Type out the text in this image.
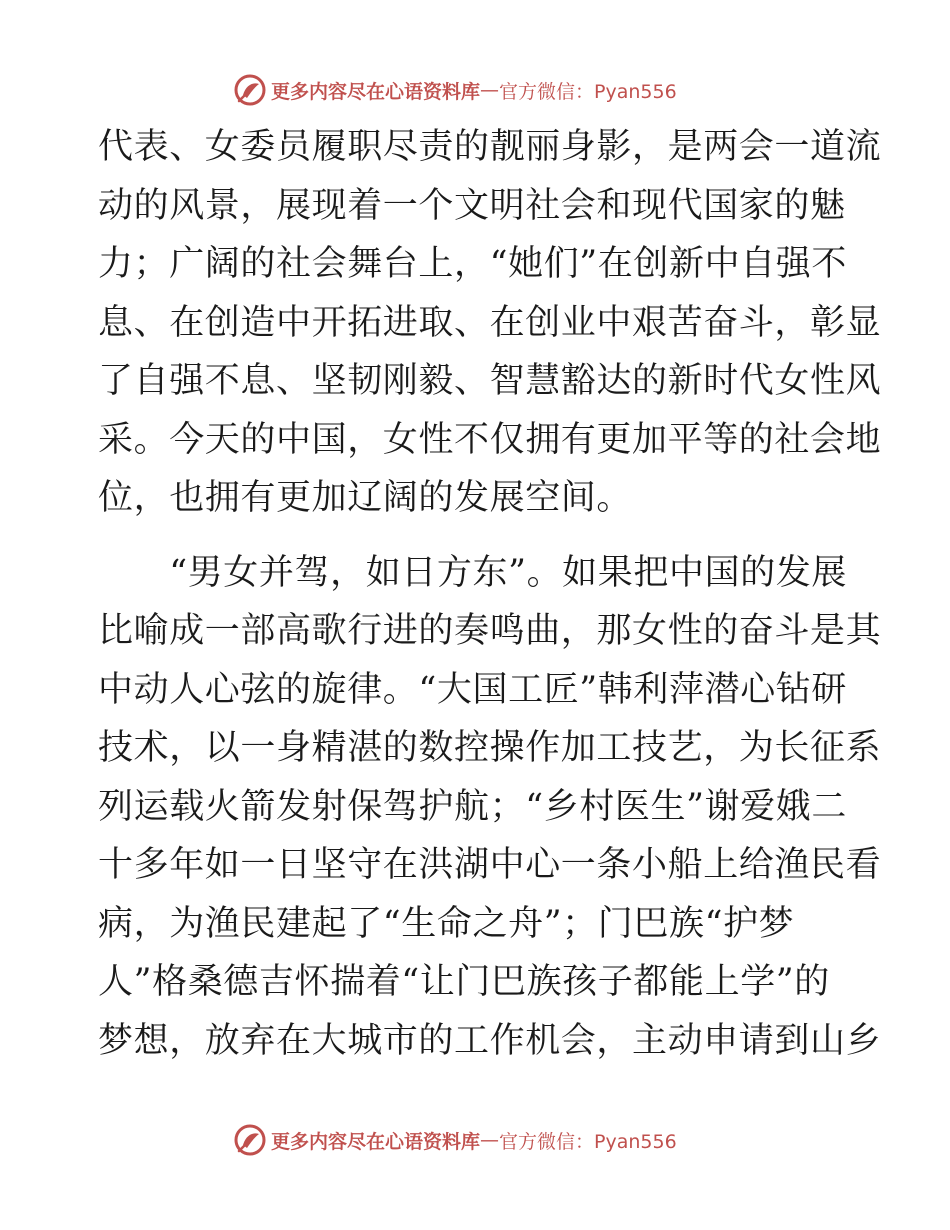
更多内容尽在心语资料库 — 官方微信：Pyan556
代表、女委员履职尽责的靓丽身影，是两会一道流
动的风景，展现着一个文明社会和现代国家的魅
力；广阔的社会舞台上，“她们”在创新中自强不
息、在创造中开拓进取、在创业中艰苦奋斗，彰显
了自强不息、坚韧刚毅、智慧豁达的新时代女性风
采。今天的中国，女性不仅拥有更加平等的社会地
位，也拥有更加辽阔的发展空间。
　　“男女并驾，如日方东”。如果把中国的发展
比喻成一部高歌行进的奏鸣曲，那女性的奋斗是其
中动人心弦的旋律。“大国工匠”韩利萍潜心钻研
技术，以一身精湛的数控操作加工技艺，为长征系
列运载火箭发射保驾护航；“乡村医生”谢爱娥二
十多年如一日坚守在洪湖中心一条小船上给渔民看
病，为渔民建起了“生命之舟”；门巴族“护梦
人”格桑德吉怀揣着“让门巴族孩子都能上学”的
梦想，放弃在大城市的工作机会，主动申请到山乡
更多内容尽在心语资料库 — 官方微信：Pyan556
